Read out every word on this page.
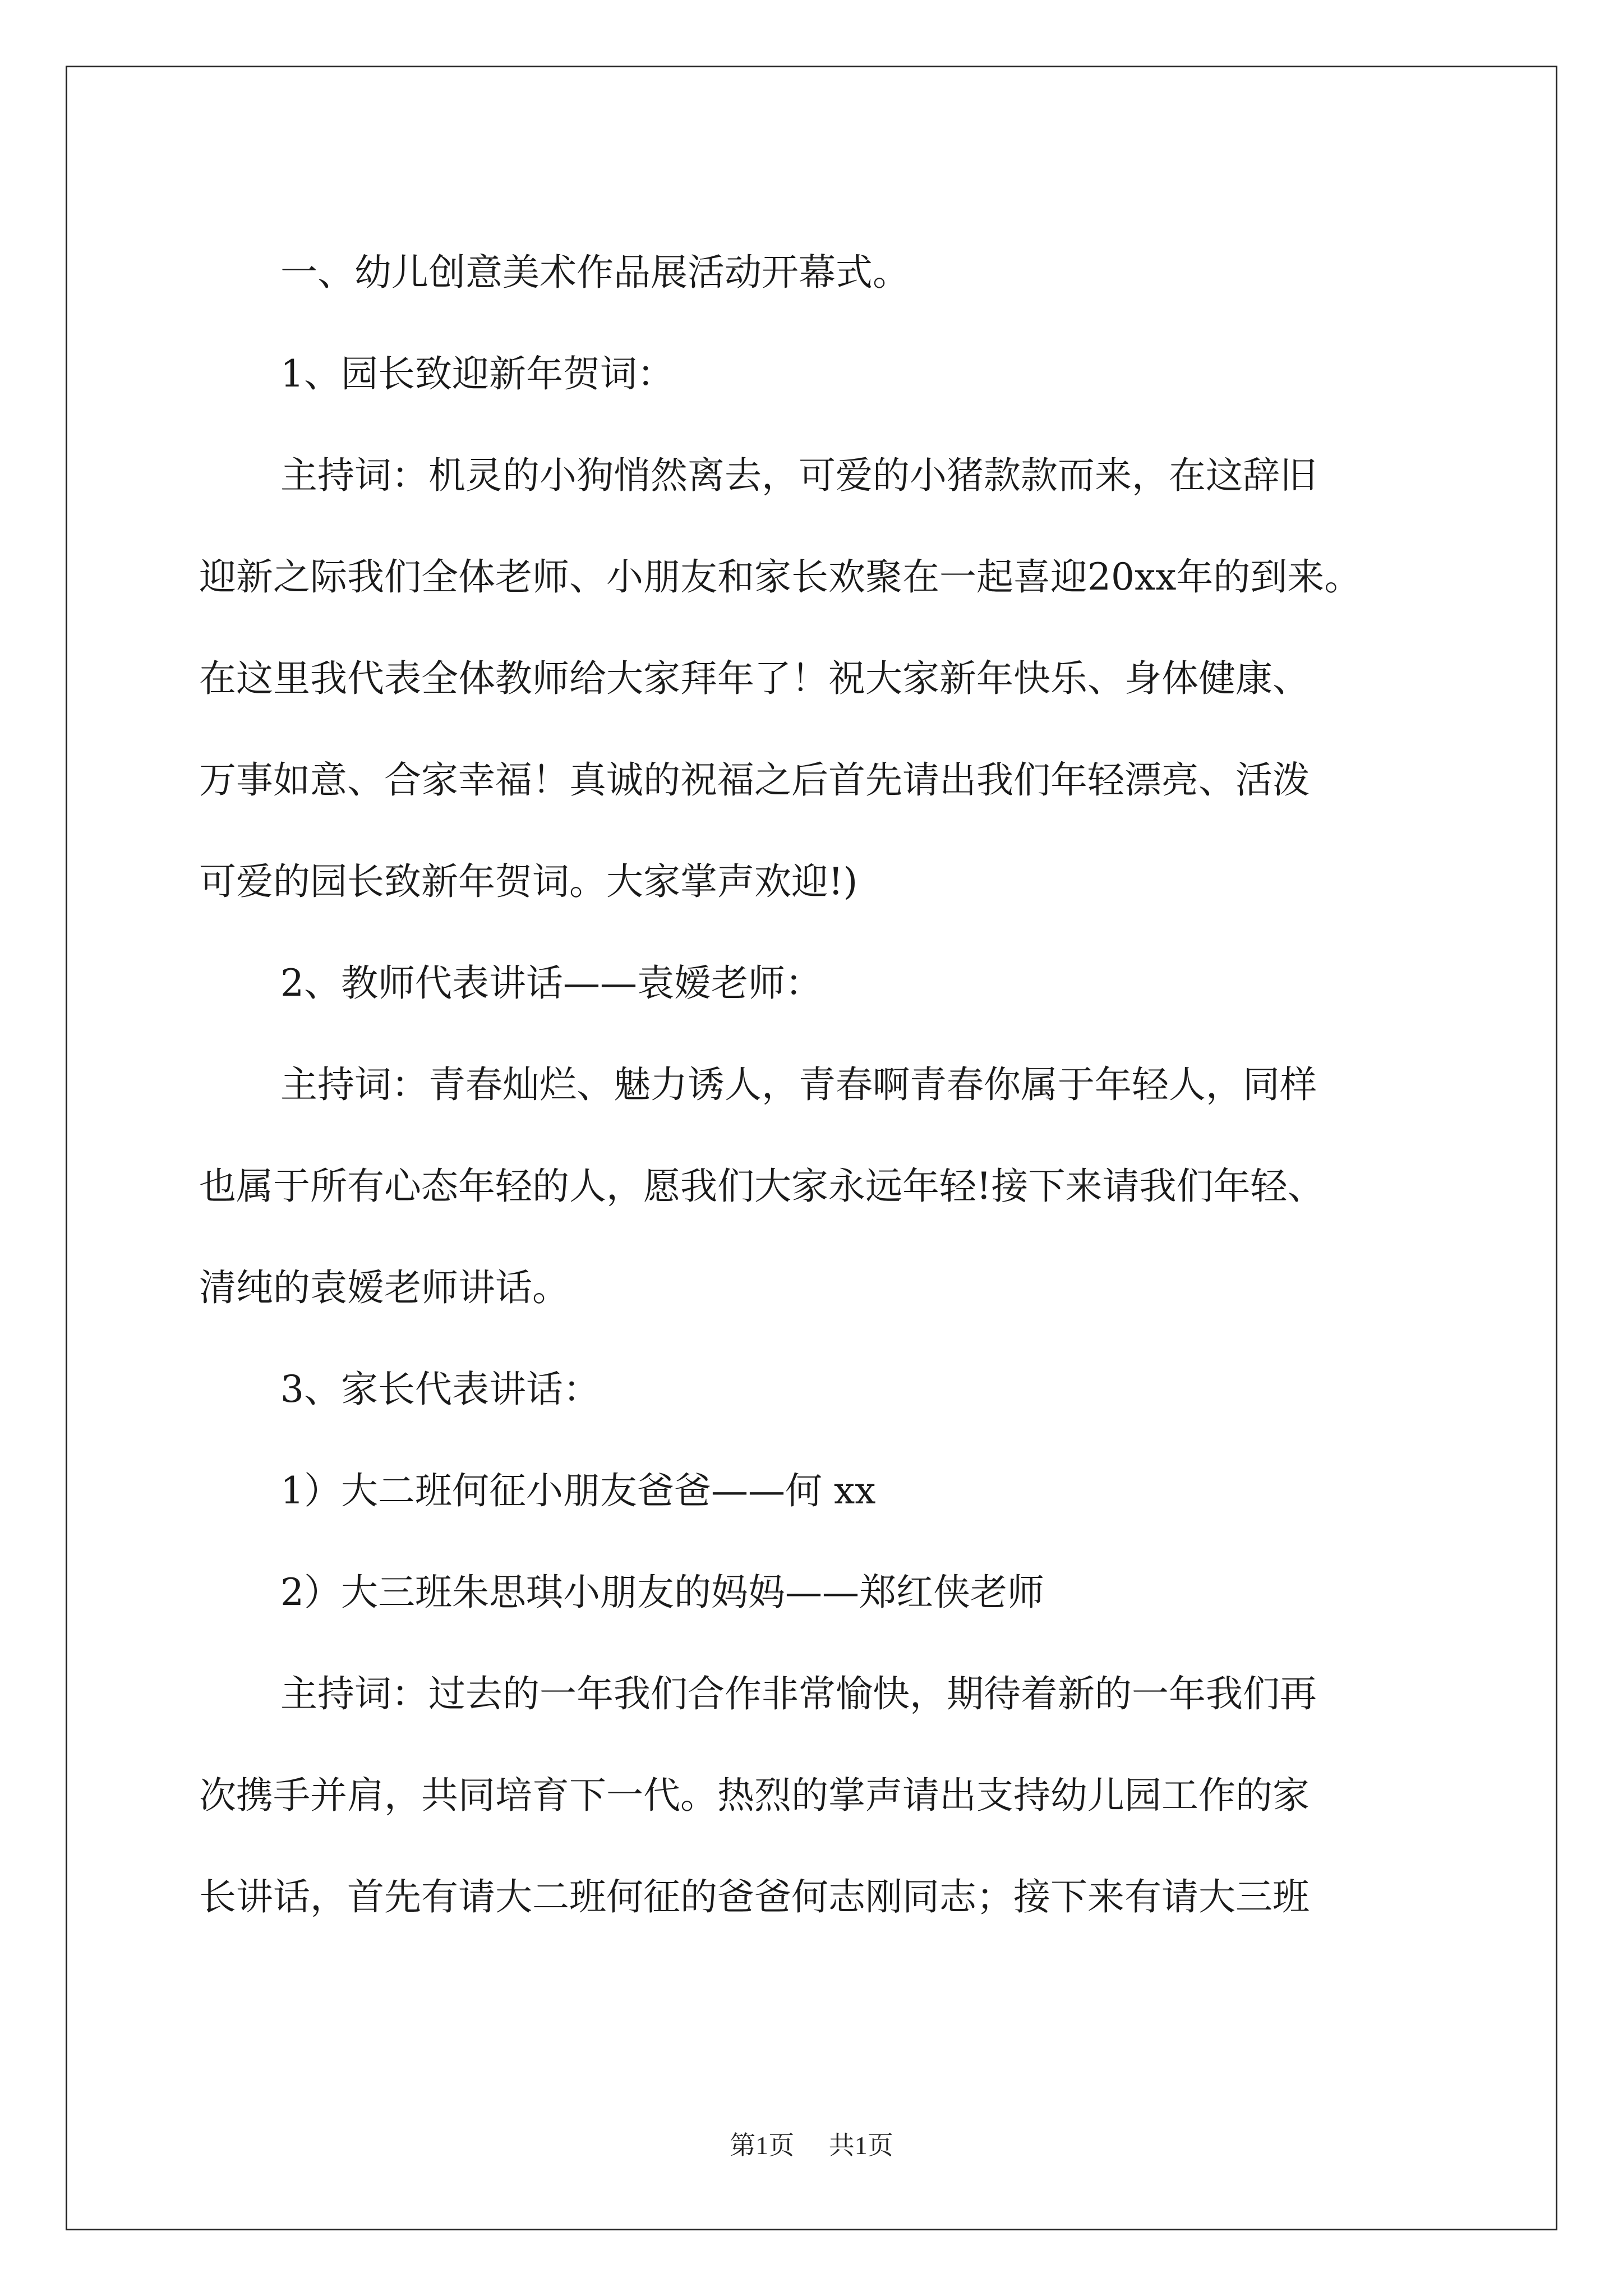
一、幼儿创意美术作品展活动开幕式。

1、园长致迎新年贺词：

主持词：机灵的小狗悄然离去，可爱的小猪款款而来，在这辞旧
迎新之际我们全体老师、小朋友和家长欢聚在一起喜迎20xx年的到来。
在这里我代表全体教师给大家拜年了！祝大家新年快乐、身体健康、
万事如意、合家幸福！真诚的祝福之后首先请出我们年轻漂亮、活泼
可爱的园长致新年贺词。大家掌声欢迎!)

2、教师代表讲话——袁嫒老师：

主持词：青春灿烂、魅力诱人，青春啊青春你属于年轻人，同样
也属于所有心态年轻的人，愿我们大家永远年轻!接下来请我们年轻、
清纯的袁嫒老师讲话。

3、家长代表讲话：

1）大二班何征小朋友爸爸——何 xx

2）大三班朱思琪小朋友的妈妈——郑红侠老师

主持词：过去的一年我们合作非常愉快，期待着新的一年我们再
次携手并肩，共同培育下一代。热烈的掌声请出支持幼儿园工作的家
长讲话，首先有请大二班何征的爸爸何志刚同志；接下来有请大三班

第1页 共1页
